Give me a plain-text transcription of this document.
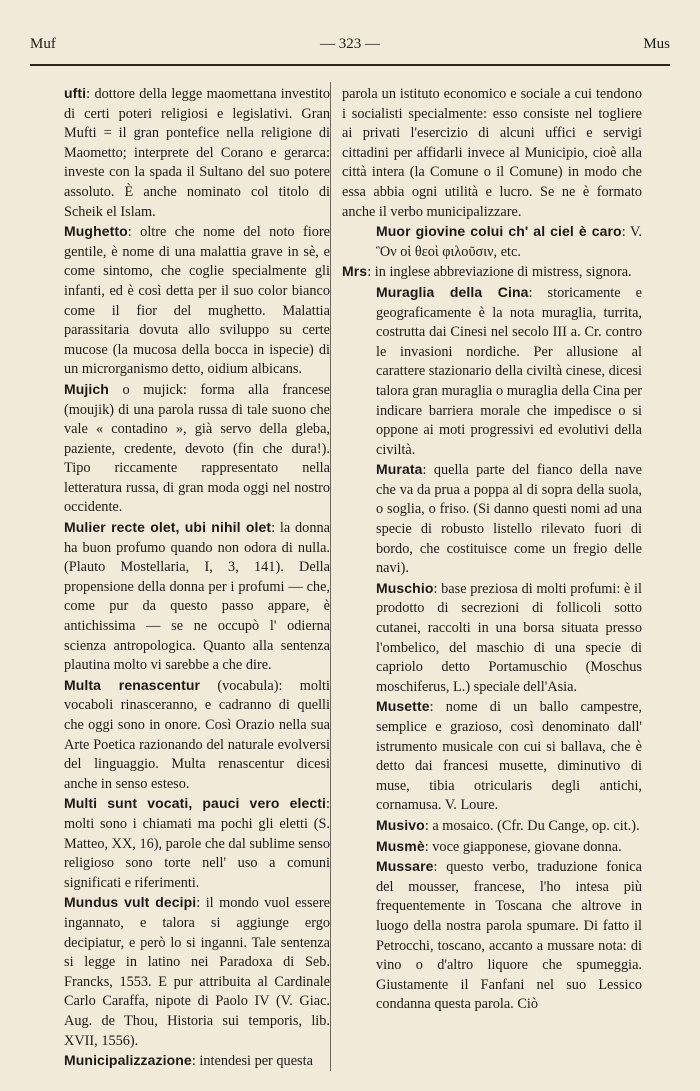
Muf	— 323 —	Mus

ufti: dottore della legge maomettana investito di certi poteri religiosi e legislativi. Gran Mufti = il gran pontefice nella religione di Maometto; interprete del Corano e gerarca: investe con la spada il Sultano del suo potere assoluto. È anche nominato col titolo di Scheik el Islam.

Mughetto: oltre che nome del noto fiore gentile, è nome di una malattia grave in sè, e come sintomo, che coglie specialmente gli infanti, ed è così detta per il suo color bianco come il fior del mughetto. Malattia parassitaria dovuta allo sviluppo su certe mucose (la mucosa della bocca in ispecie) di un microrganismo detto, oidium albicans.

Mujich o mujick: forma alla francese (moujik) di una parola russa di tale suono che vale « contadino », già servo della gleba, paziente, credente, devoto (fin che dura!). Tipo riccamente rappresentato nella letteratura russa, di gran moda oggi nel nostro occidente.

Mulier recte olet, ubi nihil olet: la donna ha buon profumo quando non odora di nulla. (Plauto Mostellaria, I, 3, 141). Della propensione della donna per i profumi — che, come pur da questo passo appare, è antichissima — se ne occupò l' odierna scienza antropologica. Quanto alla sentenza plautina molto vi sarebbe a che dire.

Multa renascentur (vocabula): molti vocaboli rinasceranno, e cadranno di quelli che oggi sono in onore. Così Orazio nella sua Arte Poetica razionando del naturale evolversi del linguaggio. Multa renascentur dicesi anche in senso esteso.

Multi sunt vocati, pauci vero electi: molti sono i chiamati ma pochi gli eletti (S. Matteo, XX, 16), parole che dal sublime senso religioso sono torte nell' uso a comuni significati e riferimenti.

Mundus vult decipi: il mondo vuol essere ingannato, e talora si aggiunge ergo decipiatur, e però lo si inganni. Tale sentenza si legge in latino nei Paradoxa di Seb. Francks, 1553. E pur attribuita al Cardinale Carlo Caraffa, nipote di Paolo IV (V. Giac. Aug. de Thou, Historia sui temporis, lib. XVII, 1556).

Municipalizzazione: intendesi per questa

parola un istituto economico e sociale a cui tendono i socialisti specialmente: esso consiste nel togliere ai privati l'esercizio di alcuni uffici e servigi cittadini per affidarli invece al Municipio, cioè alla città intera (la Comune o il Comune) in modo che essa abbia ogni utilità e lucro. Se ne è formato anche il verbo municipalizzare.

Muor giovine colui ch' al ciel è caro: V. Ὃν οἱ θεοὶ φιλοῦσιν, etc.

Mrs: in inglese abbreviazione di mistress, signora.

Muraglia della Cina: storicamente e geograficamente è la nota muraglia, turrita, costrutta dai Cinesi nel secolo III a. Cr. contro le invasioni nordiche. Per allusione al carattere stazionario della civiltà cinese, dicesi talora gran muraglia o muraglia della Cina per indicare barriera morale che impedisce o si oppone ai moti progressivi ed evolutivi della civiltà.

Murata: quella parte del fianco della nave che va da prua a poppa al di sopra della suola, o soglia, o friso. (Si danno questi nomi ad una specie di robusto listello rilevato fuori di bordo, che costituisce come un fregio delle navi).

Muschio: base preziosa di molti profumi: è il prodotto di secrezioni di follicoli sotto cutanei, raccolti in una borsa situata presso l'ombelico, del maschio di una specie di capriolo detto Portamuschio (Moschus moschiferus, L.) speciale dell'Asia.

Musette: nome di un ballo campestre, semplice e grazioso, così denominato dall' istrumento musicale con cui si ballava, che è detto dai francesi musette, diminutivo di muse, tibia otricularis degli antichi, cornamusa. V. Loure.

Musivo: a mosaico. (Cfr. Du Cange, op. cit.).

Musmè: voce giapponese, giovane donna.

Mussare: questo verbo, traduzione fonica del mousser, francese, l'ho intesa più frequentemente in Toscana che altrove in luogo della nostra parola spumare. Di fatto il Petrocchi, toscano, accanto a mussare nota: di vino o d'altro liquore che spumeggia. Giustamente il Fanfani nel suo Lessico condanna questa parola. Ciò
